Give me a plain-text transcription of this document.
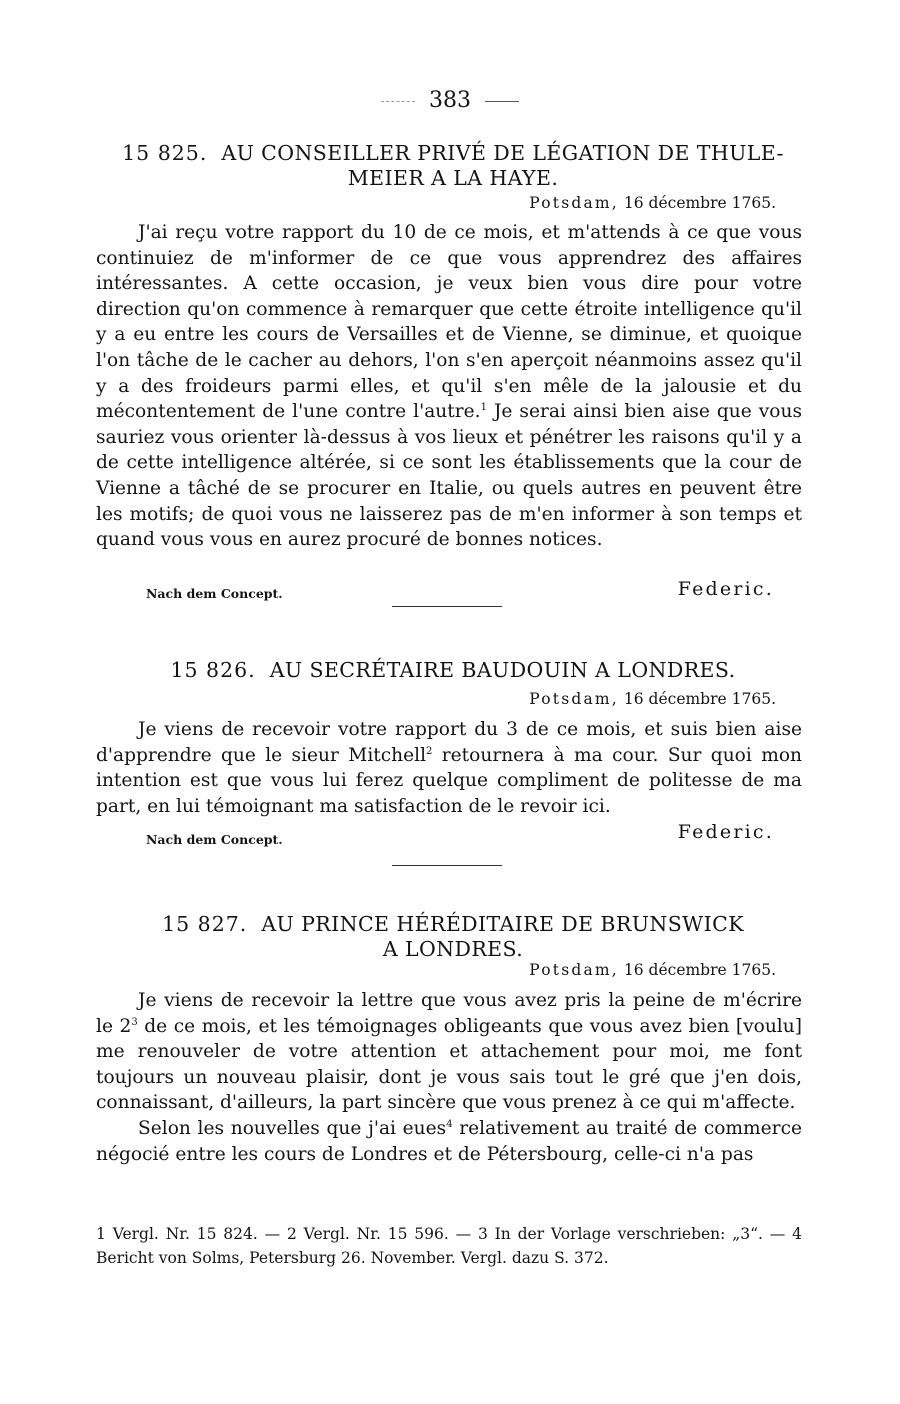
383
15 825. AU CONSEILLER PRIVÉ DE LÉGATION DE THULE-
MEIER A LA HAYE.
Potsdam, 16 décembre 1765.
J'ai reçu votre rapport du 10 de ce mois, et m'attends à ce que vous continuiez de m'informer de ce que vous apprendrez des affaires intéressantes. A cette occasion, je veux bien vous dire pour votre direction qu'on commence à remarquer que cette étroite intelligence qu'il y a eu entre les cours de Versailles et de Vienne, se diminue, et quoique l'on tâche de le cacher au dehors, l'on s'en aperçoit néanmoins assez qu'il y a des froideurs parmi elles, et qu'il s'en mêle de la jalousie et du mécontentement de l'une contre l'autre.$^1$ Je serai ainsi bien aise que vous sauriez vous orienter là-dessus à vos lieux et pénétrer les raisons qu'il y a de cette intelligence altérée, si ce sont les établissements que la cour de Vienne a tâché de se procurer en Italie, ou quels autres en peuvent être les motifs; de quoi vous ne laisserez pas de m'en informer à son temps et quand vous vous en aurez procuré de bonnes notices.
Nach dem Concept.	Federic.
15 826. AU SECRÉTAIRE BAUDOUIN A LONDRES.
Potsdam, 16 décembre 1765.
Je viens de recevoir votre rapport du 3 de ce mois, et suis bien aise d'apprendre que le sieur Mitchell$^2$ retournera à ma cour. Sur quoi mon intention est que vous lui ferez quelque compliment de politesse de ma part, en lui témoignant ma satisfaction de le revoir ici.
Nach dem Concept.	Federic.
15 827. AU PRINCE HÉRÉDITAIRE DE BRUNSWICK
A LONDRES.
Potsdam, 16 décembre 1765.
Je viens de recevoir la lettre que vous avez pris la peine de m'écrire le $2^3$ de ce mois, et les témoignages obligeants que vous avez bien [voulu] me renouveler de votre attention et attachement pour moi, me font toujours un nouveau plaisir, dont je vous sais tout le gré que j'en dois, connaissant, d'ailleurs, la part sincère que vous prenez à ce qui m'affecte.
Selon les nouvelles que j'ai eues$^4$ relativement au traité de commerce négocié entre les cours de Londres et de Pétersbourg, celle-ci n'a pas
1 Vergl. Nr. 15 824. — 2 Vergl. Nr. 15 596. — 3 In der Vorlage verschrieben: „3“. — 4 Bericht von Solms, Petersburg 26. November. Vergl. dazu S. 372.
